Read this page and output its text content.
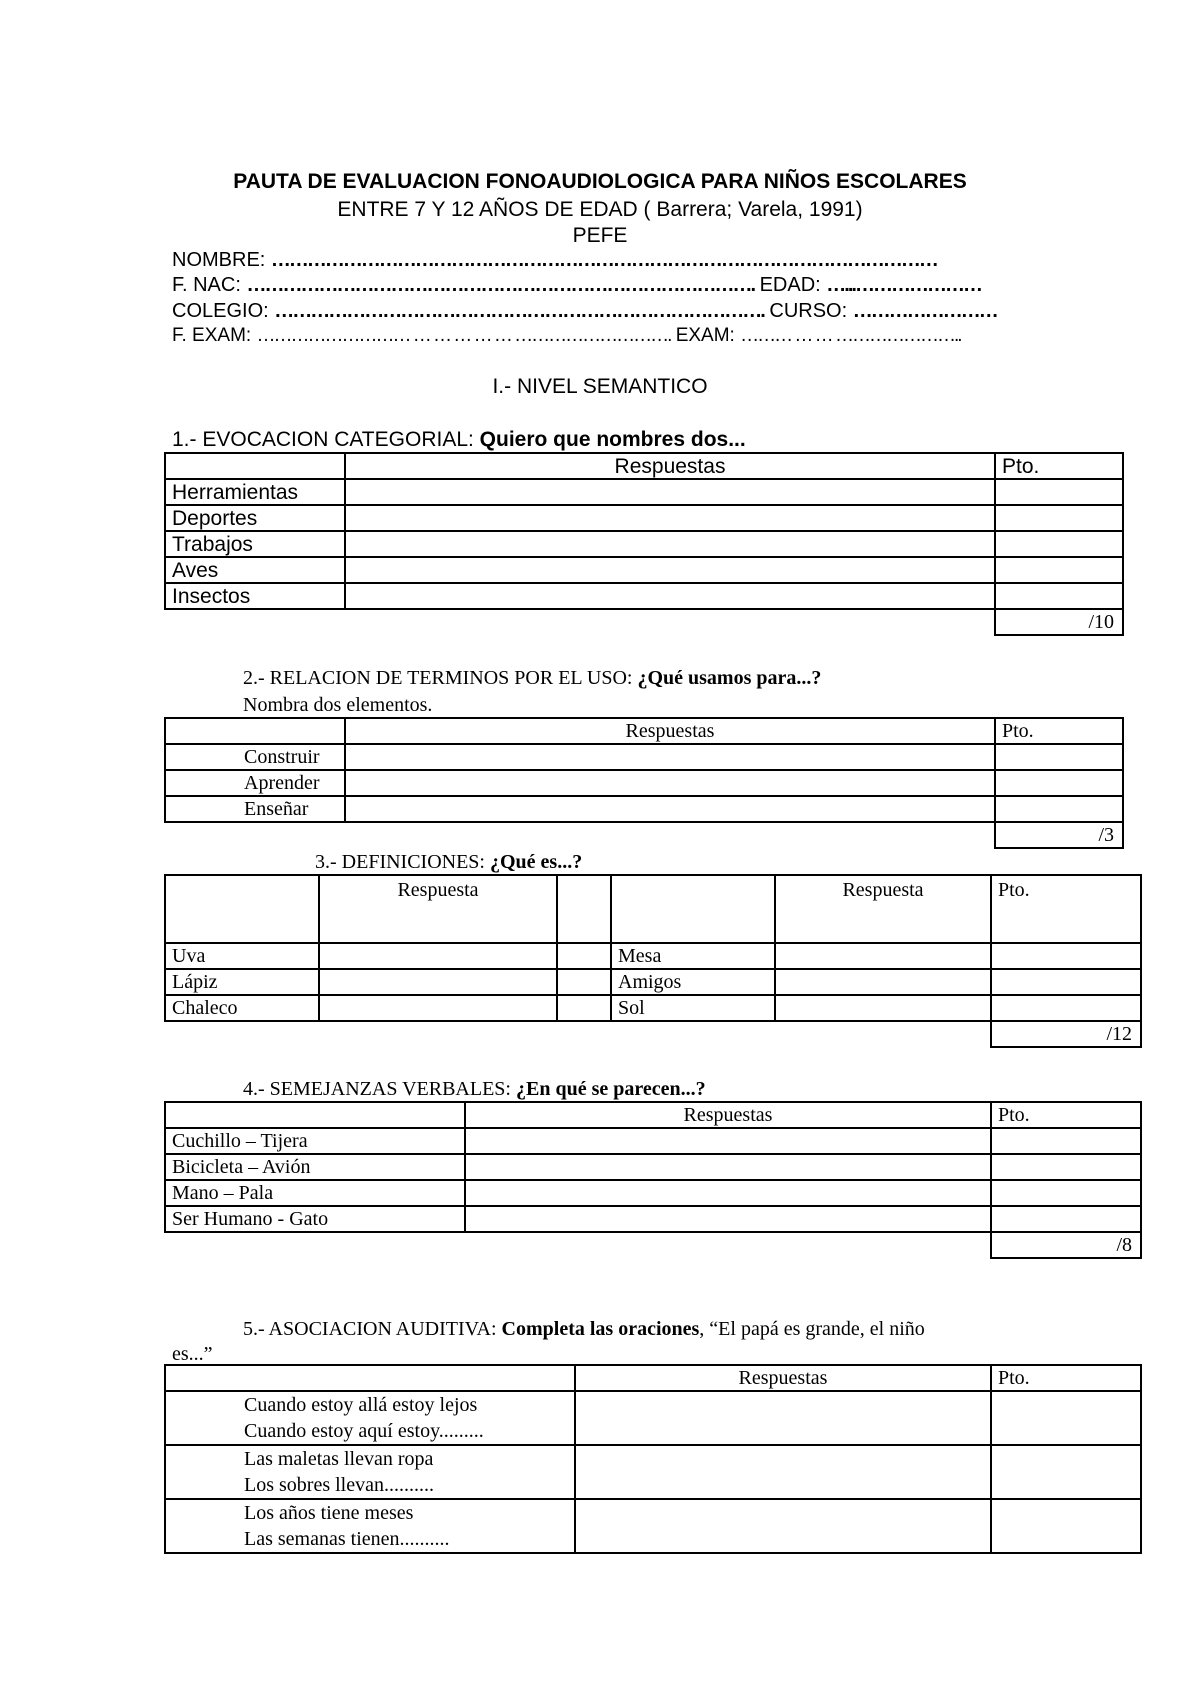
PAUTA DE EVALUACION FONOAUDIOLOGICA PARA NIÑOS ESCOLARES
ENTRE 7 Y 12 AÑOS DE EDAD ( Barrera; Varela, 1991)
PEFE
NOMBRE: …………………………………………………………………………………………………
F. NAC: …………………………………………………………………………. EDAD: …...…………………
COLEGIO: ………………………………………………………………………. CURSO: ……………………
F. EXAM: ……………………… … … … … … ………………………. EXAM: ……… … … …………………..
I.- NIVEL SEMANTICO
1.- EVOCACION CATEGORIAL: Quiero que nombres dos...
	Respuestas	Pto.
Herramientas		
Deportes		
Trabajos		
Aves		
Insectos		
		/10
2.- RELACION DE TERMINOS POR EL USO: ¿Qué usamos para...?
Nombra dos elementos.
	Respuestas	Pto.
Construir		
Aprender		
Enseñar		
		/3
3.- DEFINICIONES: ¿Qué es...?
	Respuesta			Respuesta	Pto.
Uva			Mesa		
Lápiz			Amigos		
Chaleco			Sol		
					/12
4.- SEMEJANZAS VERBALES: ¿En qué se parecen...?
	Respuestas	Pto.
Cuchillo – Tijera		
Bicicleta – Avión		
Mano – Pala		
Ser Humano - Gato		
		/8
5.- ASOCIACION AUDITIVA: Completa las oraciones, “El papá es grande, el niño
es...”
	Respuestas	Pto.

Cuando estoy allá estoy lejos
Cuando estoy aquí estoy.........		

Las maletas llevan ropa
Los sobres llevan..........		

Los años tiene meses
Las semanas tienen..........		
